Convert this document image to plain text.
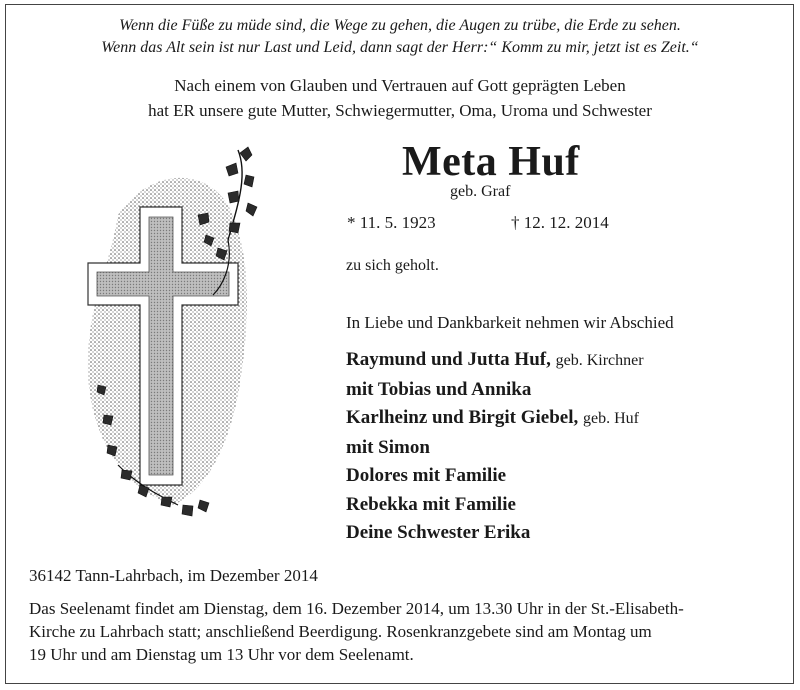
Wenn die Füße zu müde sind, die Wege zu gehen, die Augen zu trübe, die Erde zu sehen.
Wenn das Alt sein ist nur Last und Leid, dann sagt der Herr:“ Komm zu mir, jetzt ist es Zeit.“
Nach einem von Glauben und Vertrauen auf Gott geprägten Leben
hat ER unsere gute Mutter, Schwiegermutter, Oma, Uroma und Schwester
Meta Huf
geb. Graf
* 11. 5. 1923	† 12. 12. 2014
zu sich geholt.
In Liebe und Dankbarkeit nehmen wir Abschied
Raymund und Jutta Huf, geb. Kirchner
mit Tobias und Annika
Karlheinz und Birgit Giebel, geb. Huf
mit Simon
Dolores mit Familie
Rebekka mit Familie
Deine Schwester Erika
36142 Tann-Lahrbach, im Dezember 2014
Das Seelenamt findet am Dienstag, dem 16. Dezember 2014, um 13.30 Uhr in der St.-Elisabeth-
Kirche zu Lahrbach statt; anschließend Beerdigung. Rosenkranzgebete sind am Montag um
19 Uhr und am Dienstag um 13 Uhr vor dem Seelenamt.
